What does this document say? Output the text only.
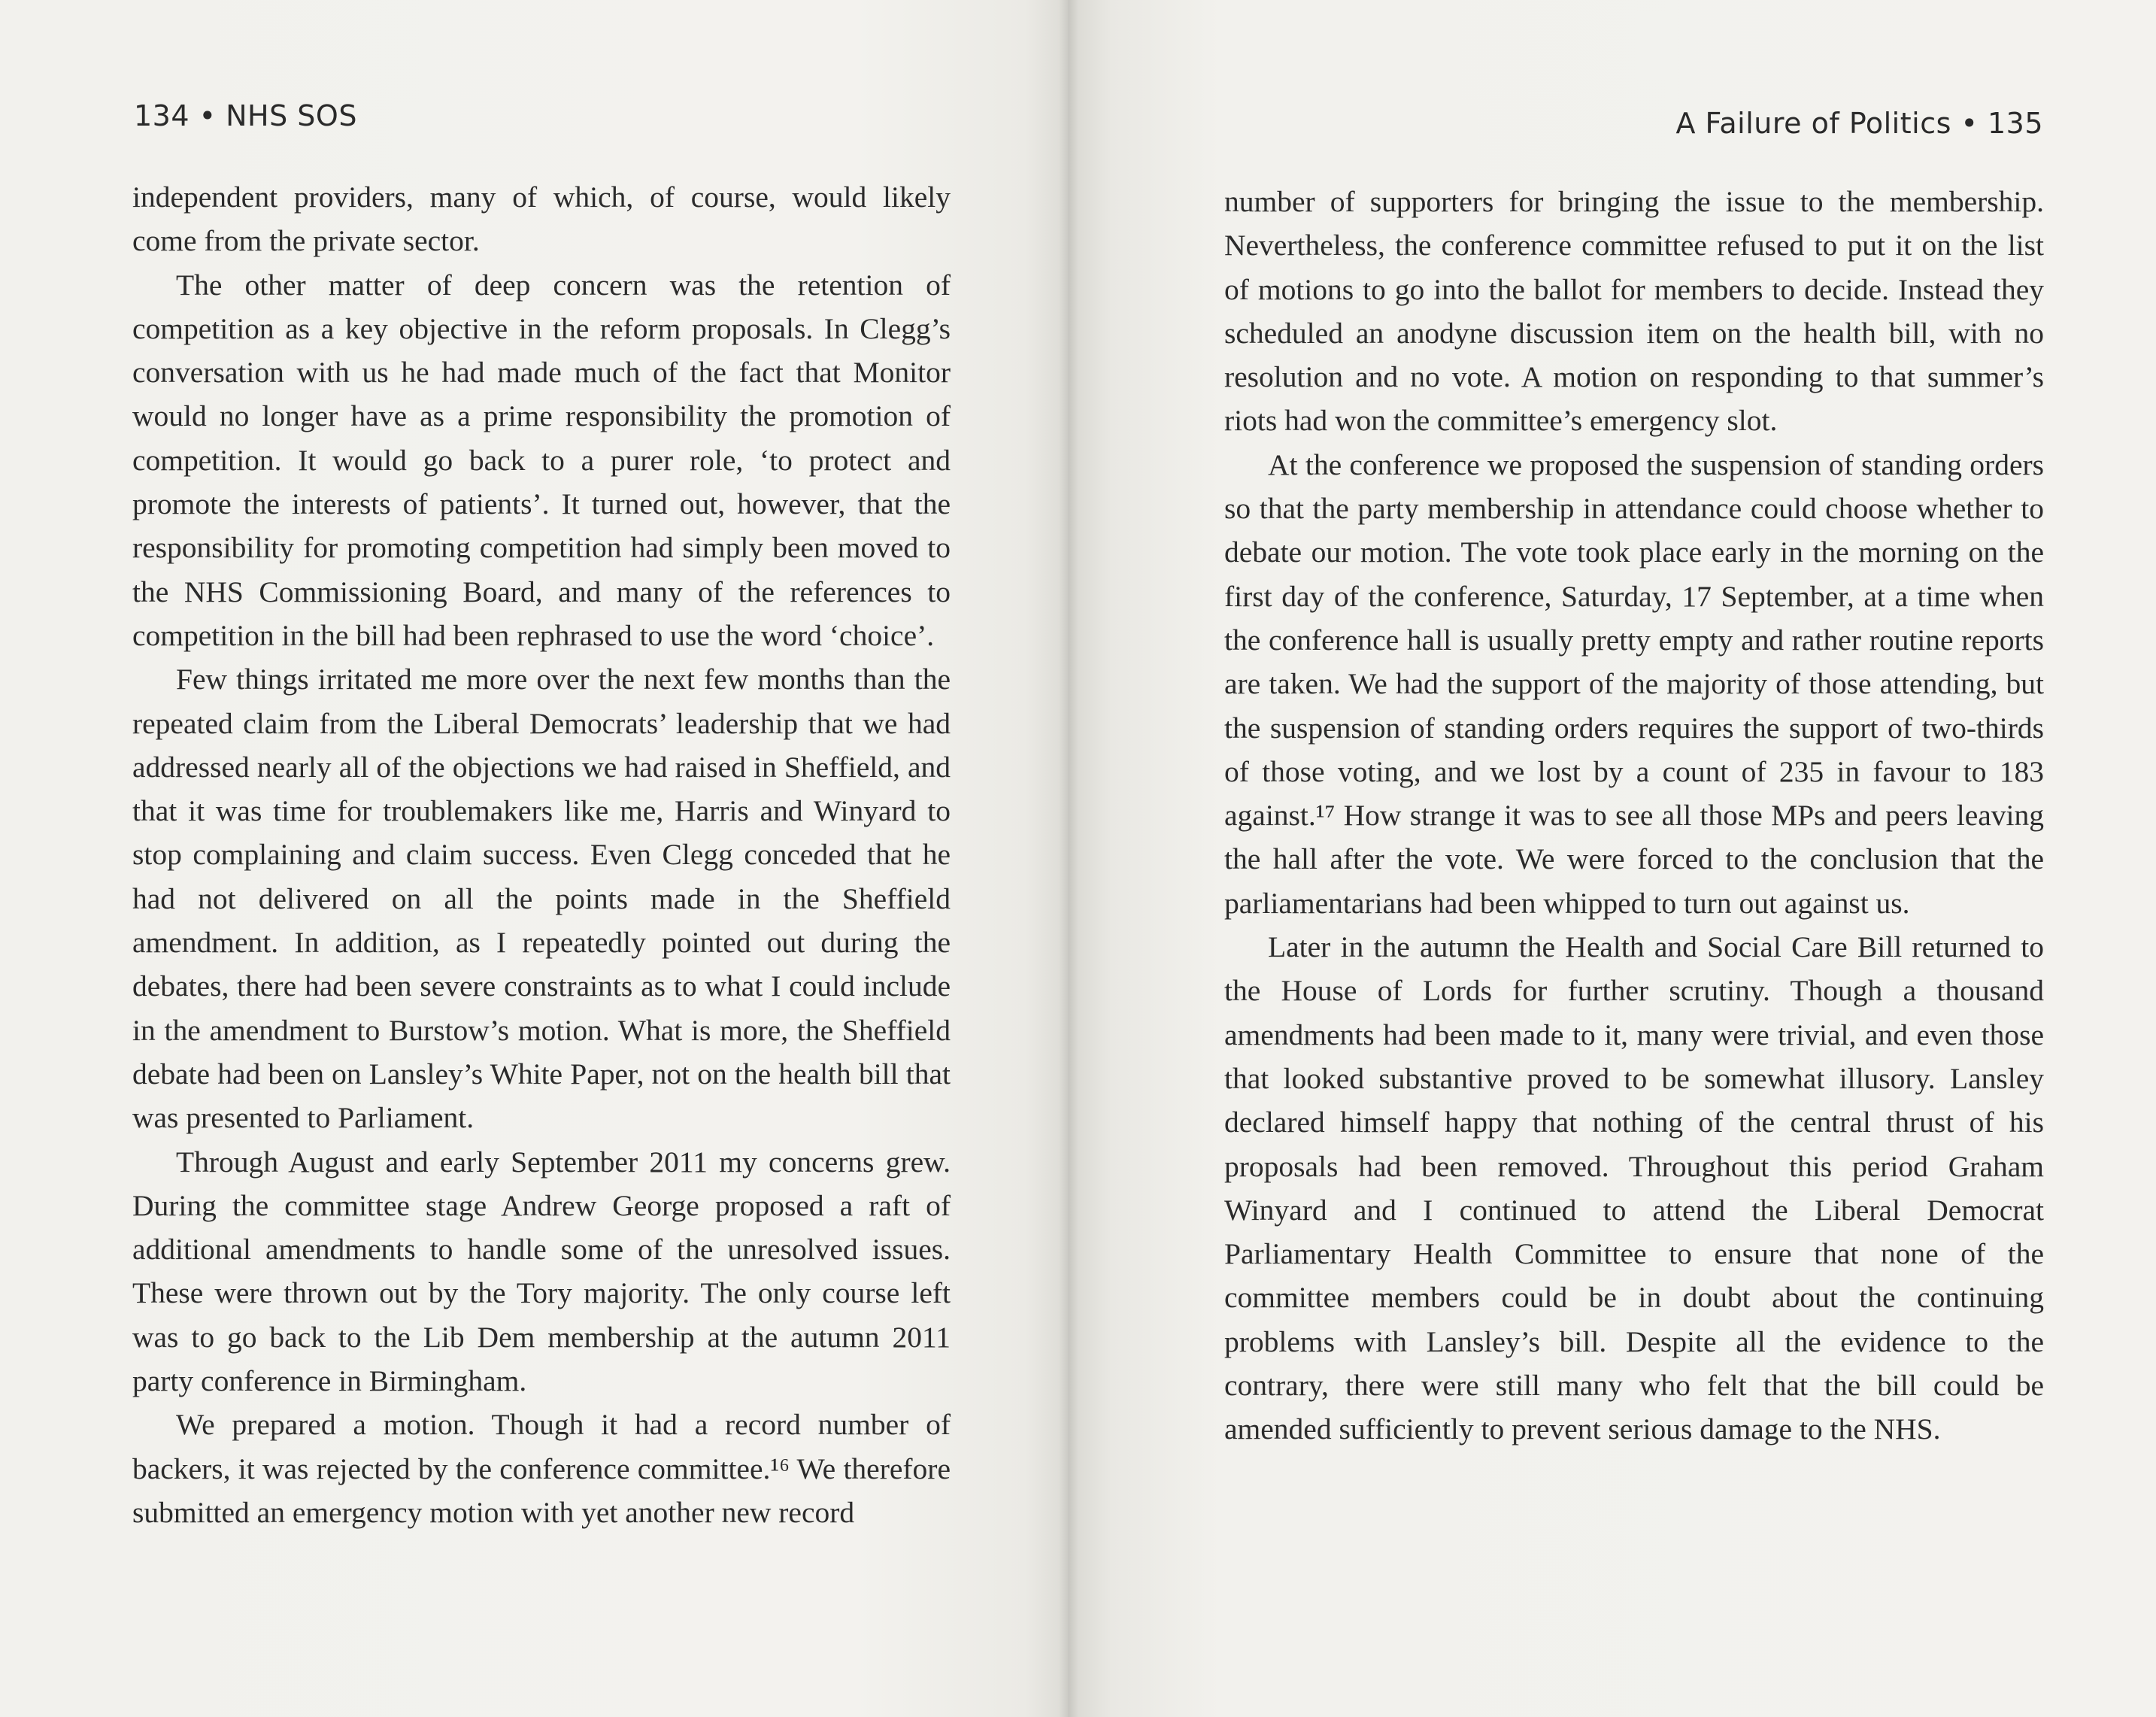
134 • NHS SOS

independent providers, many of which, of course, would likely come from the private sector.

The other matter of deep concern was the retention of competition as a key objective in the reform proposals. In Clegg’s conversation with us he had made much of the fact that Monitor would no longer have as a prime responsibility the promotion of competition. It would go back to a purer role, ‘to protect and promote the interests of patients’. It turned out, however, that the responsibility for promoting competition had simply been moved to the NHS Commissioning Board, and many of the references to competition in the bill had been rephrased to use the word ‘choice’.

Few things irritated me more over the next few months than the repeated claim from the Liberal Democrats’ leadership that we had addressed nearly all of the objections we had raised in Sheffield, and that it was time for troublemakers like me, Harris and Winyard to stop complaining and claim success. Even Clegg conceded that he had not delivered on all the points made in the Sheffield amendment. In addition, as I repeatedly pointed out during the debates, there had been severe constraints as to what I could include in the amendment to Burstow’s motion. What is more, the Sheffield debate had been on Lansley’s White Paper, not on the health bill that was presented to Parliament.

Through August and early September 2011 my concerns grew. During the committee stage Andrew George proposed a raft of additional amendments to handle some of the unresolved issues. These were thrown out by the Tory majority. The only course left was to go back to the Lib Dem membership at the autumn 2011 party conference in Birmingham.

We prepared a motion. Though it had a record number of backers, it was rejected by the conference committee.¹⁶ We therefore submitted an emergency motion with yet another new record

A Failure of Politics • 135

number of supporters for bringing the issue to the membership. Nevertheless, the conference committee refused to put it on the list of motions to go into the ballot for members to decide. Instead they scheduled an anodyne discussion item on the health bill, with no resolution and no vote. A motion on responding to that summer’s riots had won the committee’s emergency slot.

At the conference we proposed the suspension of standing orders so that the party membership in attendance could choose whether to debate our motion. The vote took place early in the morning on the first day of the conference, Saturday, 17 September, at a time when the conference hall is usually pretty empty and rather routine reports are taken. We had the support of the majority of those attending, but the suspension of standing orders requires the support of two-thirds of those voting, and we lost by a count of 235 in favour to 183 against.¹⁷ How strange it was to see all those MPs and peers leaving the hall after the vote. We were forced to the conclusion that the parliamentarians had been whipped to turn out against us.

Later in the autumn the Health and Social Care Bill returned to the House of Lords for further scrutiny. Though a thousand amendments had been made to it, many were trivial, and even those that looked substantive proved to be somewhat illusory. Lansley declared himself happy that nothing of the central thrust of his proposals had been removed. Throughout this period Graham Winyard and I continued to attend the Liberal Democrat Parliamentary Health Committee to ensure that none of the committee members could be in doubt about the continuing problems with Lansley’s bill. Despite all the evidence to the contrary, there were still many who felt that the bill could be amended sufficiently to prevent serious damage to the NHS.
